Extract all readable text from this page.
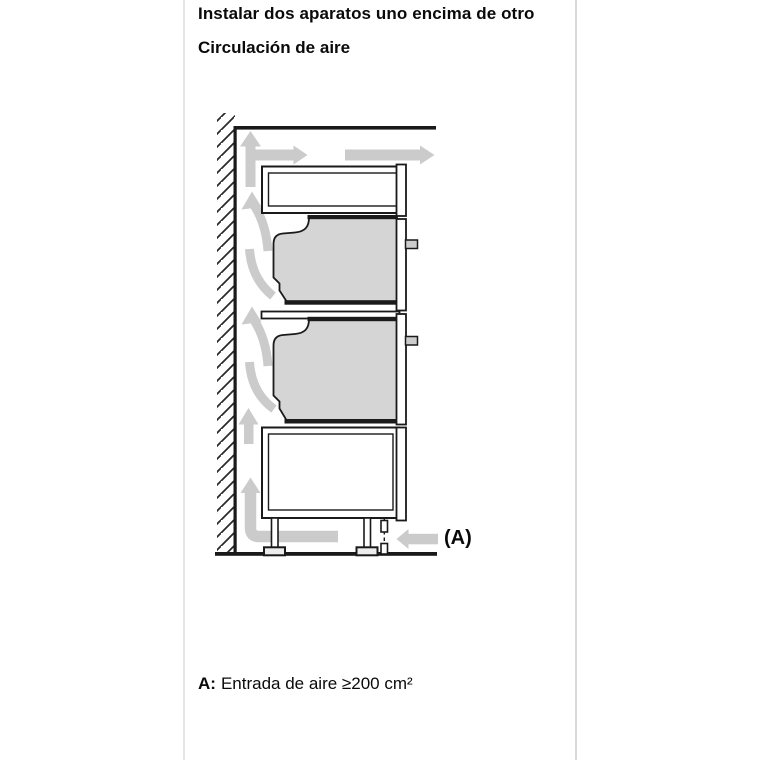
Instalar dos aparatos uno encima de otro
Circulación de aire
(A)

A: Entrada de aire ≥200 cm²
